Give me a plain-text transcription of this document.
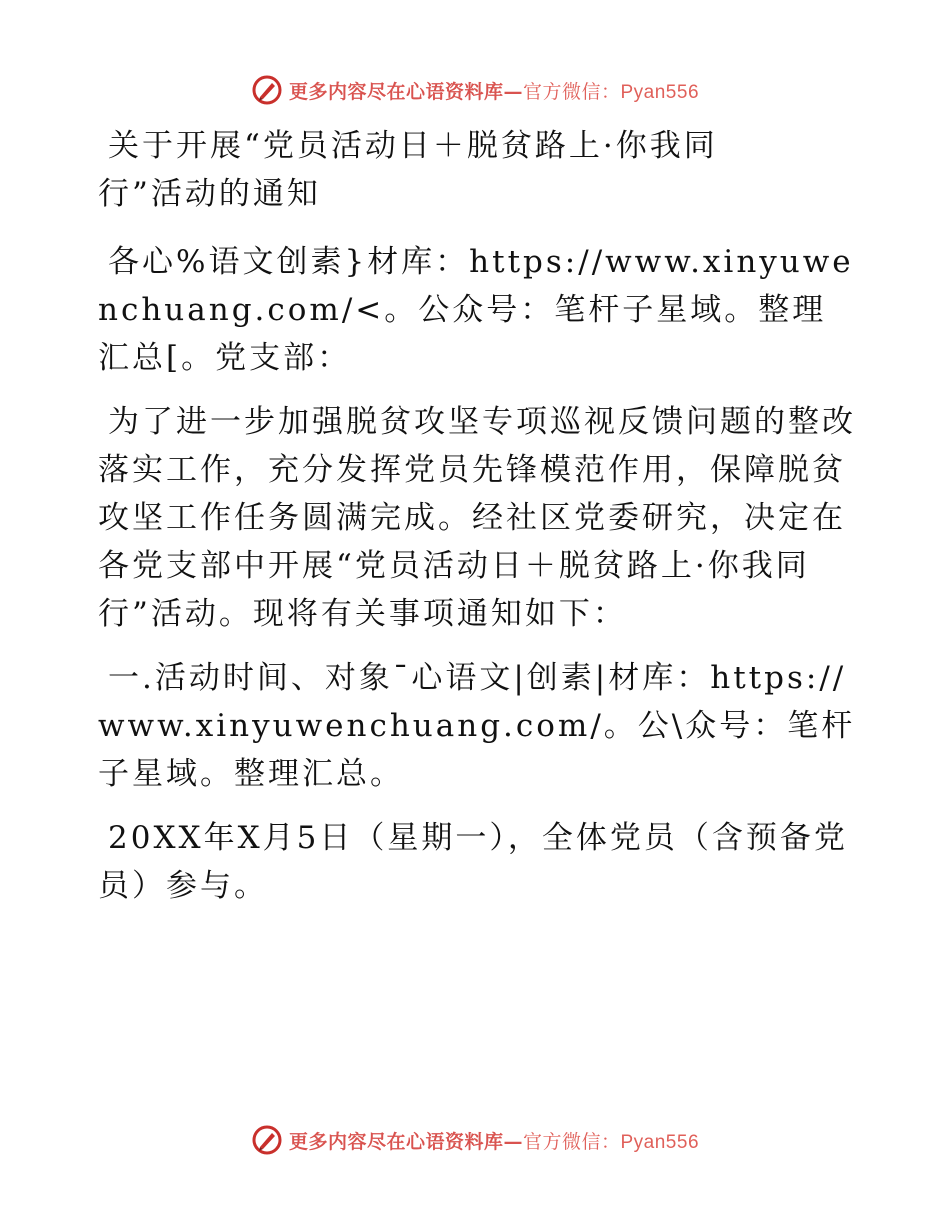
更多内容尽在心语资料库—官方微信：Pyan556

关于开展“党员活动日＋脱贫路上·你我同行”活动的通知

各心%语文创素}材库：https://www.xinyuwenchuang.com/<。公众号：笔杆子星域。整理汇总[。党支部：

为了进一步加强脱贫攻坚专项巡视反馈问题的整改落实工作，充分发挥党员先锋模范作用，保障脱贫攻坚工作任务圆满完成。经社区党委研究，决定在各党支部中开展“党员活动日＋脱贫路上·你我同行”活动。现将有关事项通知如下：

一.活动时间、对象¯心语文|创素|材库：https://www.xinyuwenchuang.com/。公\众号：笔杆子星域。整理汇总。

20XX年X月5日（星期一），全体党员（含预备党员）参与。

更多内容尽在心语资料库—官方微信：Pyan556
